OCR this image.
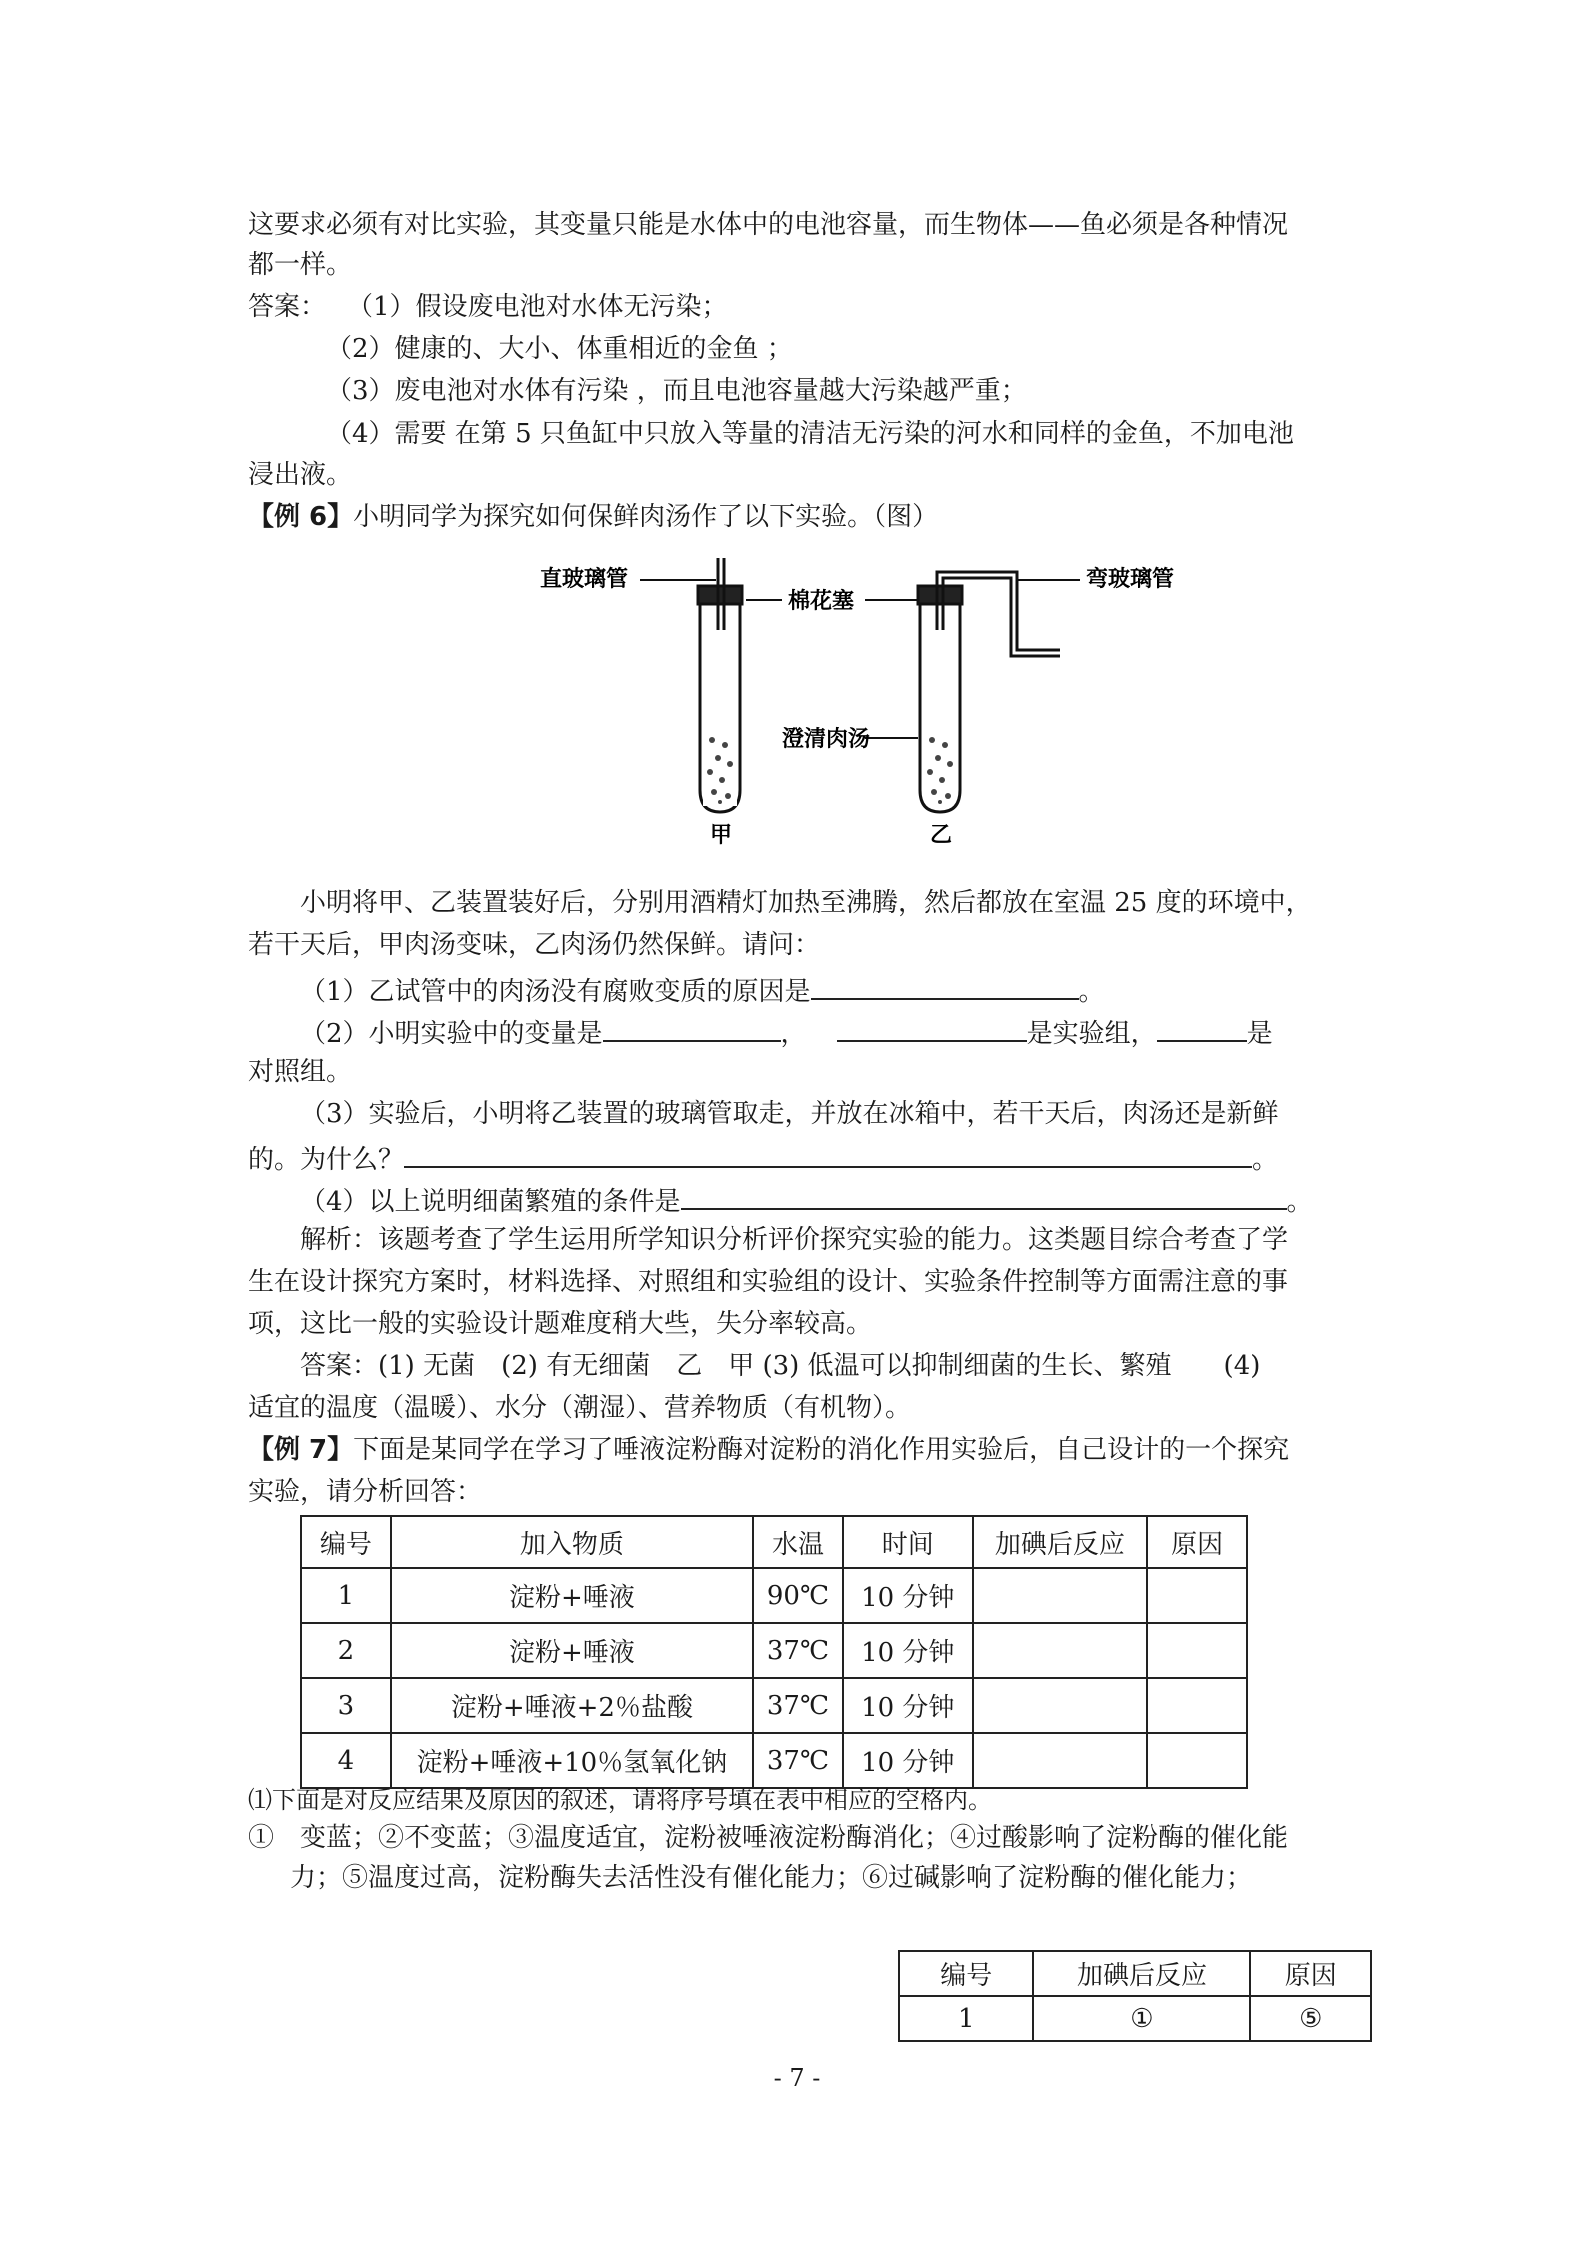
这要求必须有对比实验，其变量只能是水体中的电池容量，而生物体——鱼必须是各种情况

都一样。

答案： （1）假设废电池对水体无污染；

（2）健康的、大小、体重相近的金鱼 ；

（3）废电池对水体有污染 ，而且电池容量越大污染越严重；

（4）需要 在第 5 只鱼缸中只放入等量的清洁无污染的河水和同样的金鱼，不加电池

浸出液。

【例 6】小明同学为探究如何保鲜肉汤作了以下实验。（图）

直玻璃管
棉花塞
弯玻璃管
澄清肉汤
甲	乙

小明将甲、乙装置装好后，分别用酒精灯加热至沸腾，然后都放在室温 25 度的环境中，

若干天后，甲肉汤变味，乙肉汤仍然保鲜。请问：

（1）乙试管中的肉汤没有腐败变质的原因是	。

（2）小明实验中的变量是	，	是实验组，	是

对照组。

（3）实验后，小明将乙装置的玻璃管取走，并放在冰箱中，若干天后，肉汤还是新鲜

的。为什么？	。

（4）以上说明细菌繁殖的条件是	。

解析：该题考查了学生运用所学知识分析评价探究实验的能力。这类题目综合考查了学

生在设计探究方案时，材料选择、对照组和实验组的设计、实验条件控制等方面需注意的事

项，这比一般的实验设计题难度稍大些，失分率较高。

答案：(1) 无菌　(2) 有无细菌　乙　甲 (3) 低温可以抑制细菌的生长、繁殖　　(4)

适宜的温度（温暖）、水分（潮湿）、营养物质（有机物）。

【例 7】下面是某同学在学习了唾液淀粉酶对淀粉的消化作用实验后，自己设计的一个探究

实验，请分析回答：

编号	加入物质	水温	时间	加碘后反应	原因
1	淀粉+唾液	90℃	10 分钟		
2	淀粉+唾液	37℃	10 分钟		
3	淀粉+唾液+2％盐酸	37℃	10 分钟		
4	淀粉+唾液+10％氢氧化钠	37℃	10 分钟		

⑴下面是对反应结果及原因的叙述，请将序号填在表中相应的空格内。

①　变蓝；②不变蓝；③温度适宜，淀粉被唾液淀粉酶消化；④过酸影响了淀粉酶的催化能

力；⑤温度过高，淀粉酶失去活性没有催化能力；⑥过碱影响了淀粉酶的催化能力；

编号	加碘后反应	原因
1	①	⑤
- 7 -
